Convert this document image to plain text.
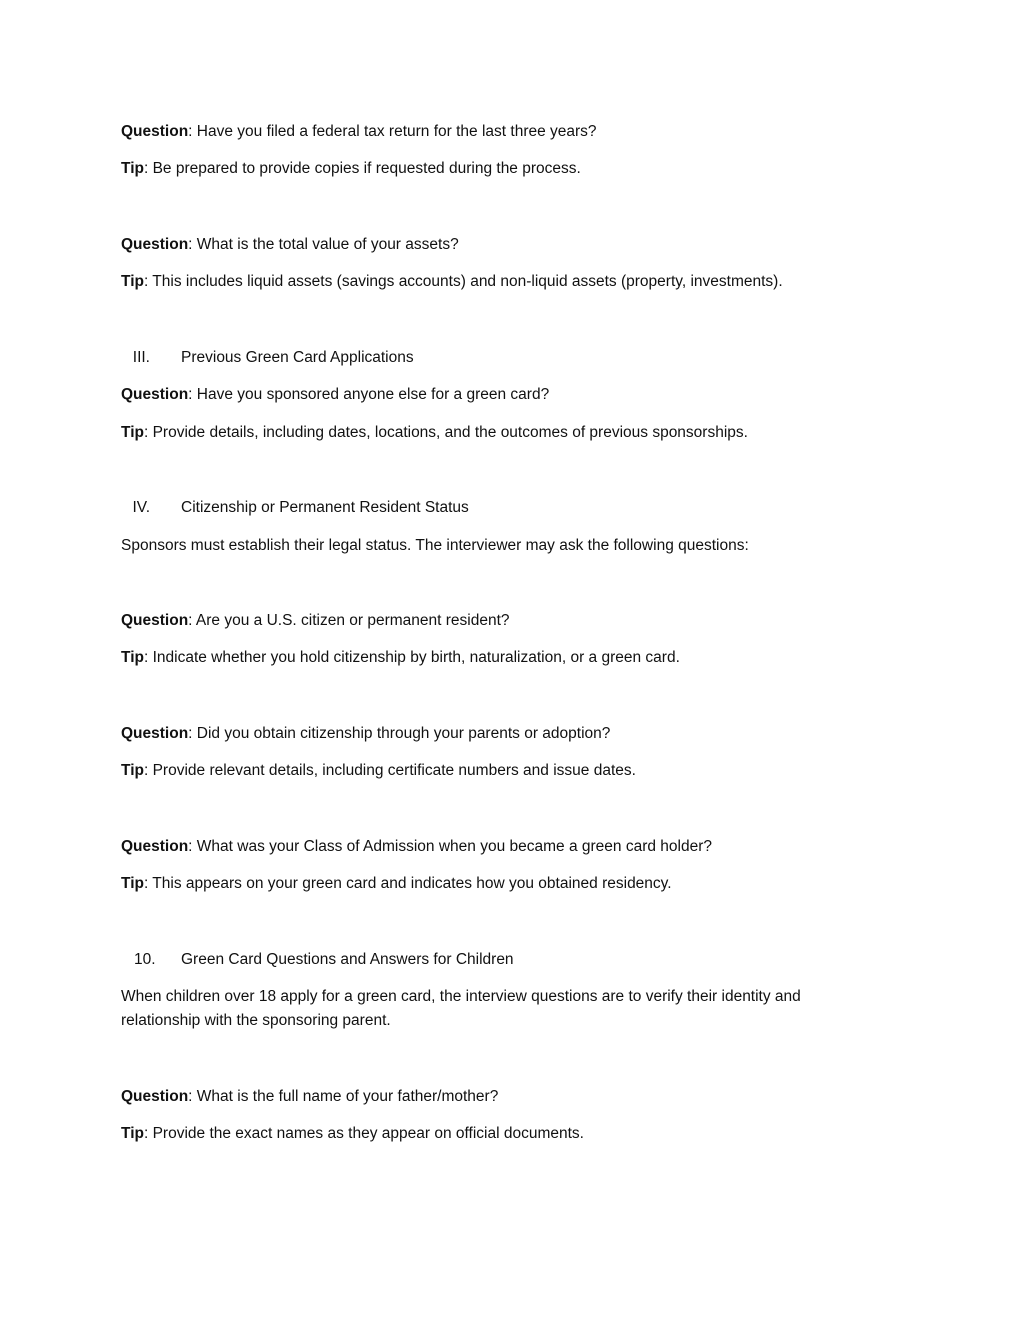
Question: Have you filed a federal tax return for the last three years?
Tip: Be prepared to provide copies if requested during the process.
Question: What is the total value of your assets?
Tip: This includes liquid assets (savings accounts) and non-liquid assets (property, investments).
III. Previous Green Card Applications
Question: Have you sponsored anyone else for a green card?
Tip: Provide details, including dates, locations, and the outcomes of previous sponsorships.
IV. Citizenship or Permanent Resident Status
Sponsors must establish their legal status. The interviewer may ask the following questions:
Question: Are you a U.S. citizen or permanent resident?
Tip: Indicate whether you hold citizenship by birth, naturalization, or a green card.
Question: Did you obtain citizenship through your parents or adoption?
Tip: Provide relevant details, including certificate numbers and issue dates.
Question: What was your Class of Admission when you became a green card holder?
Tip: This appears on your green card and indicates how you obtained residency.
10.	Green Card Questions and Answers for Children
When children over 18 apply for a green card, the interview questions are to verify their identity and relationship with the sponsoring parent.
Question: What is the full name of your father/mother?
Tip: Provide the exact names as they appear on official documents.
